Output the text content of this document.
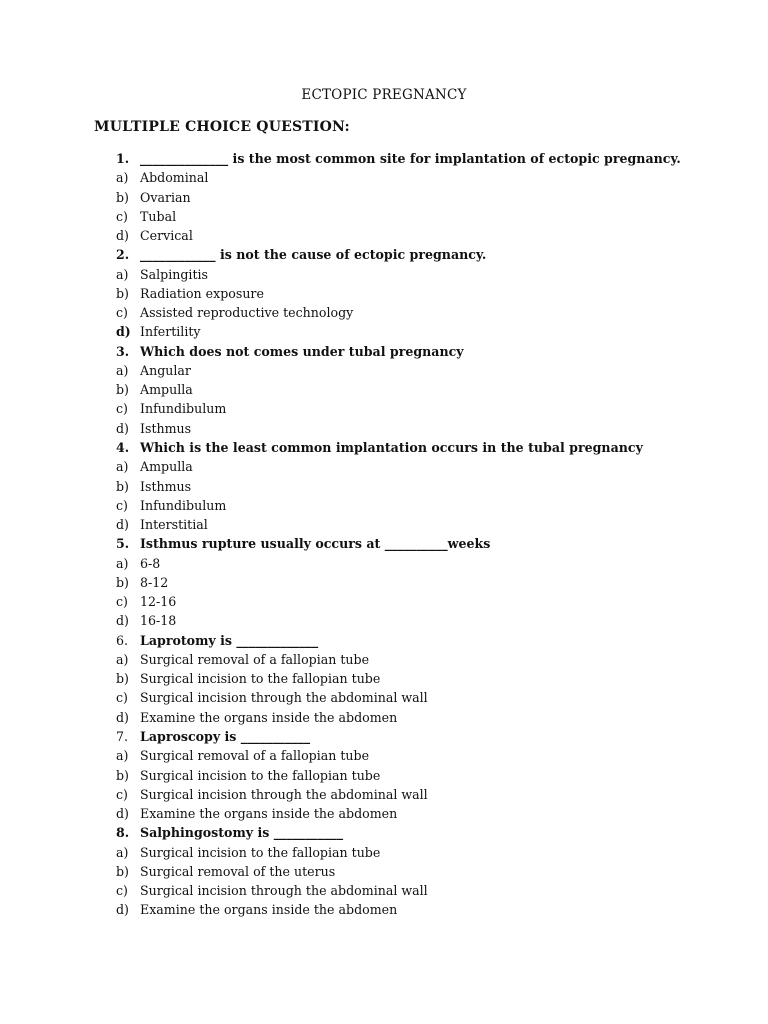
ECTOPIC PREGNANCY
MULTIPLE CHOICE QUESTION:
1. ______________ is the most common site for implantation of ectopic pregnancy.
a) Abdominal
b) Ovarian
c) Tubal
d) Cervical
2. ____________ is not the cause of ectopic pregnancy.
a) Salpingitis
b) Radiation exposure
c) Assisted reproductive technology
d) Infertility
3. Which does not comes under tubal pregnancy
a) Angular
b) Ampulla
c) Infundibulum
d) Isthmus
4. Which is the least common implantation occurs in the tubal pregnancy
a) Ampulla
b) Isthmus
c) Infundibulum
d) Interstitial
5. Isthmus rupture usually occurs at __________weeks
a) 6-8
b) 8-12
c) 12-16
d) 16-18
6. Laprotomy is _____________
a) Surgical removal of a fallopian tube
b) Surgical incision to the fallopian tube
c) Surgical incision through the abdominal wall
d) Examine the organs inside the abdomen
7. Laproscopy is ___________
a) Surgical removal of a fallopian tube
b) Surgical incision to the fallopian tube
c) Surgical incision through the abdominal wall
d) Examine the organs inside the abdomen
8. Salphingostomy is ___________
a) Surgical incision to the fallopian tube
b) Surgical removal of the uterus
c) Surgical incision through the abdominal wall
d) Examine the organs inside the abdomen
